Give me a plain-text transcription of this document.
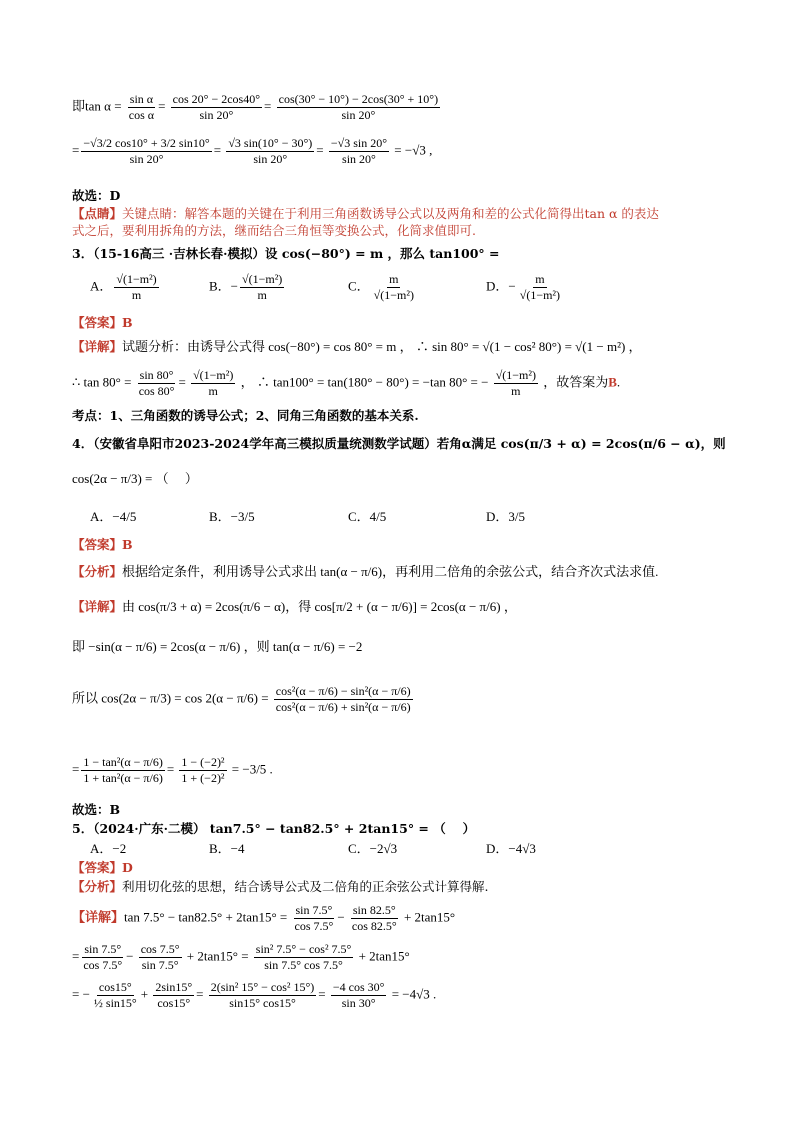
即$\tan \alpha = \frac{\text{sin α}}{\text{cos α}} = \frac{\cos 20^\circ - 2\cos 40^\circ}{\sin 20^\circ} = \frac{\cos(30^\circ - 10^\circ) - 2\cos(30^\circ + 10^\circ)}{\sin 20^\circ}$
= $\frac{-√3/2 \cos 10^\circ + 3/2 \sin 10^\circ}{\sin 20^\circ} = \frac{√3 \sin(10^\circ - 30^\circ)}{\sin 20^\circ} = \frac{-√3 \sin 20^\circ}{\sin 20^\circ} = -√3$ ,
故选：D
【点睛】关键点睛：解答本题的关键在于利用三角函数诱导公式以及两角和差的公式化简得出tan α 的表达
式之后，要利用拆角的方法，继而结合三角恒等变换公式，化简求值即可.
3．（15-16高三 ·吉林长春·模拟）设 cos(−80°) = m ，那么 tan100° =
A． $\frac{\text{√(1−m²)}}{m}$	B．− $\frac{\text{√(1−m²)}}{m}$	C． $\frac{m}{\text{√(1−m²)}}$	D．− $\frac{m}{\text{√(1−m²)}}$
【答案】B
【详解】试题分析：由诱导公式得 cos(−80°) = cos 80° = m ， ∴ sin 80° = √(1 − cos² 80°) = √(1 − m²) ，
∴ $\tan 80^\circ = \frac{\sin 80^\circ}{\cos 80^\circ} = \frac{\text{√(1−m²)}}{m}$ ， ∴ tan100° = tan(180° − 80°) = −tan 80° = − $\frac{\text{√(1−m²)}}{m}$ ，故答案为B.
考点：1、三角函数的诱导公式；2、同角三角函数的基本关系.
4．（安徽省阜阳市2023-2024学年高三模拟质量统测数学试题）若角α满足 cos(π/3 + α) = 2cos(π/6 − α)，则
cos(2α − π/3) = （　 ）
A．−4/5	B．−3/5	C．4/5	D．3/5
【答案】B
【分析】根据给定条件，利用诱导公式求出 tan(α − π/6)，再利用二倍角的余弦公式，结合齐次式法求值.
【详解】由 cos(π/3 + α) = 2cos(π/6 − α)，得 cos[π/2 + (α − π/6)] = 2cos(α − π/6) ，
即 −sin(α − π/6) = 2cos(α − π/6) ，则 tan(α − π/6) = −2
所以 $\cos(2\alpha - \pi/3) = \cos 2(\alpha - \pi/6) = \frac{\text{cos²(α − π/6) − sin²(α − π/6)}}{\text{cos²(α − π/6) + sin²(α − π/6)}}$
= $\frac{\text{1 − tan²(α − π/6)}}{\text{1 + tan²(α − π/6)}} = \frac{\text{1 − (−2)²}}{\text{1 + (−2)²}} = -3/5$ .
故选：B
5．（2024·广东·二模） tan7.5° − tan82.5° + 2tan15° = （　 ）
A．−2	B．−4	C．−2√3	D．−4√3
【答案】D
【分析】利用切化弦的思想，结合诱导公式及二倍角的正余弦公式计算得解.
【详解】$\tan 7.5^\circ - \tan 82.5^\circ + 2\tan 15^\circ = \frac{\sin 7.5^\circ}{\cos 7.5^\circ} - \frac{\sin 82.5^\circ}{\cos 82.5^\circ} + 2\tan 15^\circ$
= $\frac{\sin 7.5^\circ}{\cos 7.5^\circ} - \frac{\cos 7.5^\circ}{\sin 7.5^\circ} + 2\tan 15^\circ = \frac{\text{sin² 7.5° − cos² 7.5°}}{\sin 7.5^\circ \cos 7.5^\circ} + 2\tan 15^\circ$
= − $\frac{\cos 15^\circ}{\text{½ sin15°}} + \frac{2\sin 15^\circ}{\cos 15^\circ} = \frac{\text{2(sin² 15° − cos² 15°)}}{\sin 15^\circ \cos 15^\circ} = \frac{-4 \cos 30^\circ}{\sin 30^\circ} = -4√3$ .
